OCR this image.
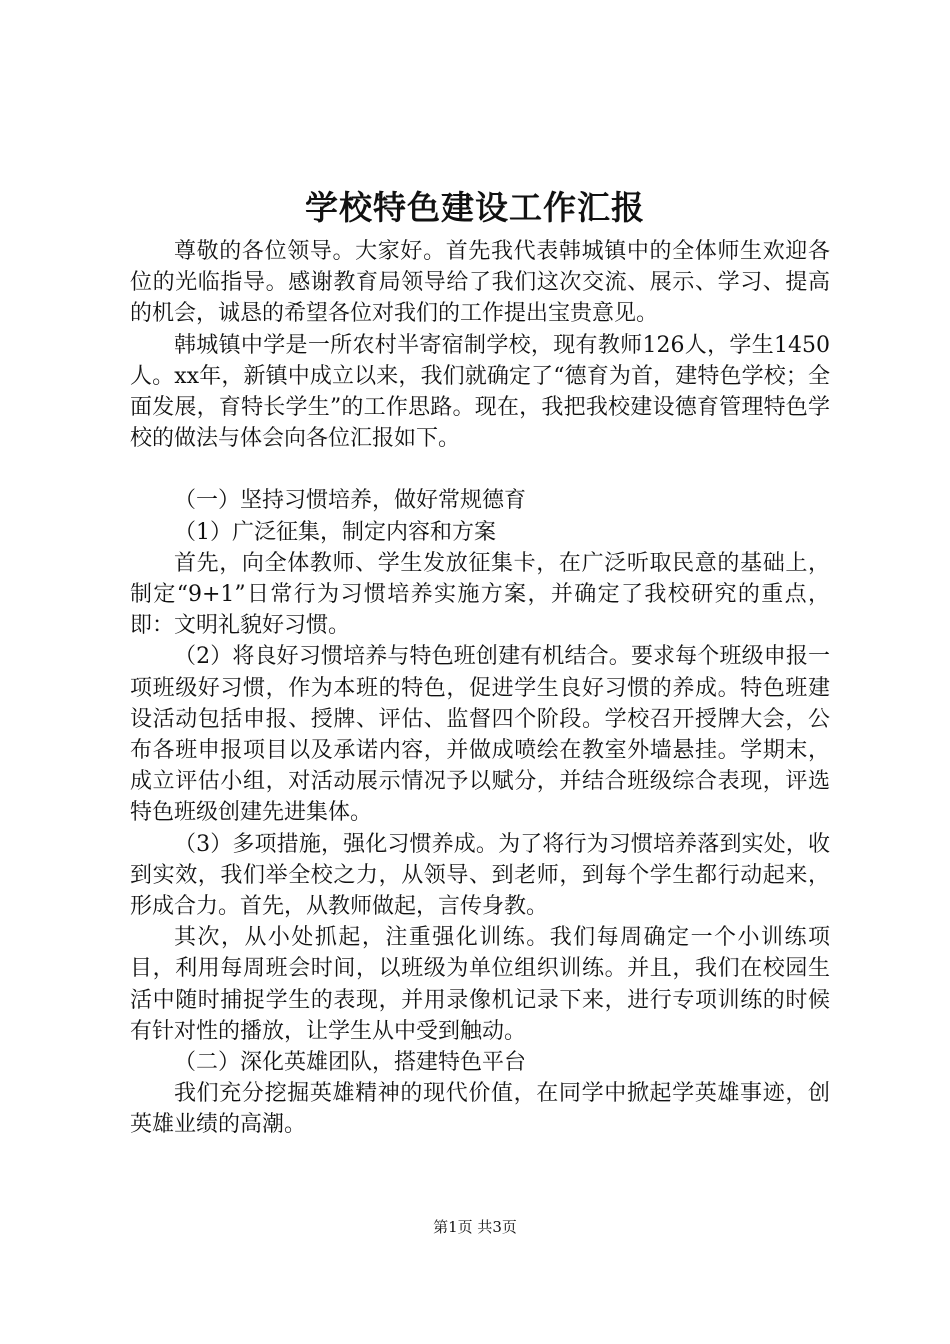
学校特色建设工作汇报

尊敬的各位领导。大家好。首先我代表韩城镇中的全体师生欢迎各位的光临指导。感谢教育局领导给了我们这次交流、展示、学习、提高的机会，诚恳的希望各位对我们的工作提出宝贵意见。

韩城镇中学是一所农村半寄宿制学校，现有教师126人，学生1450人。xx年，新镇中成立以来，我们就确定了“德育为首，建特色学校；全面发展，育特长学生”的工作思路。现在，我把我校建设德育管理特色学校的做法与体会向各位汇报如下。

（一）坚持习惯培养，做好常规德育

（1）广泛征集，制定内容和方案

首先，向全体教师、学生发放征集卡，在广泛听取民意的基础上，制定“9+1”日常行为习惯培养实施方案，并确定了我校研究的重点，即：文明礼貌好习惯。

（2）将良好习惯培养与特色班创建有机结合。要求每个班级申报一项班级好习惯，作为本班的特色，促进学生良好习惯的养成。特色班建设活动包括申报、授牌、评估、监督四个阶段。学校召开授牌大会，公布各班申报项目以及承诺内容，并做成喷绘在教室外墙悬挂。学期末，成立评估小组，对活动展示情况予以赋分，并结合班级综合表现，评选特色班级创建先进集体。

（3）多项措施，强化习惯养成。为了将行为习惯培养落到实处，收到实效，我们举全校之力，从领导、到老师，到每个学生都行动起来，形成合力。首先，从教师做起，言传身教。

其次，从小处抓起，注重强化训练。我们每周确定一个小训练项目，利用每周班会时间，以班级为单位组织训练。并且，我们在校园生活中随时捕捉学生的表现，并用录像机记录下来，进行专项训练的时候有针对性的播放，让学生从中受到触动。

（二）深化英雄团队，搭建特色平台

我们充分挖掘英雄精神的现代价值，在同学中掀起学英雄事迹，创英雄业绩的高潮。

第1页 共3页
